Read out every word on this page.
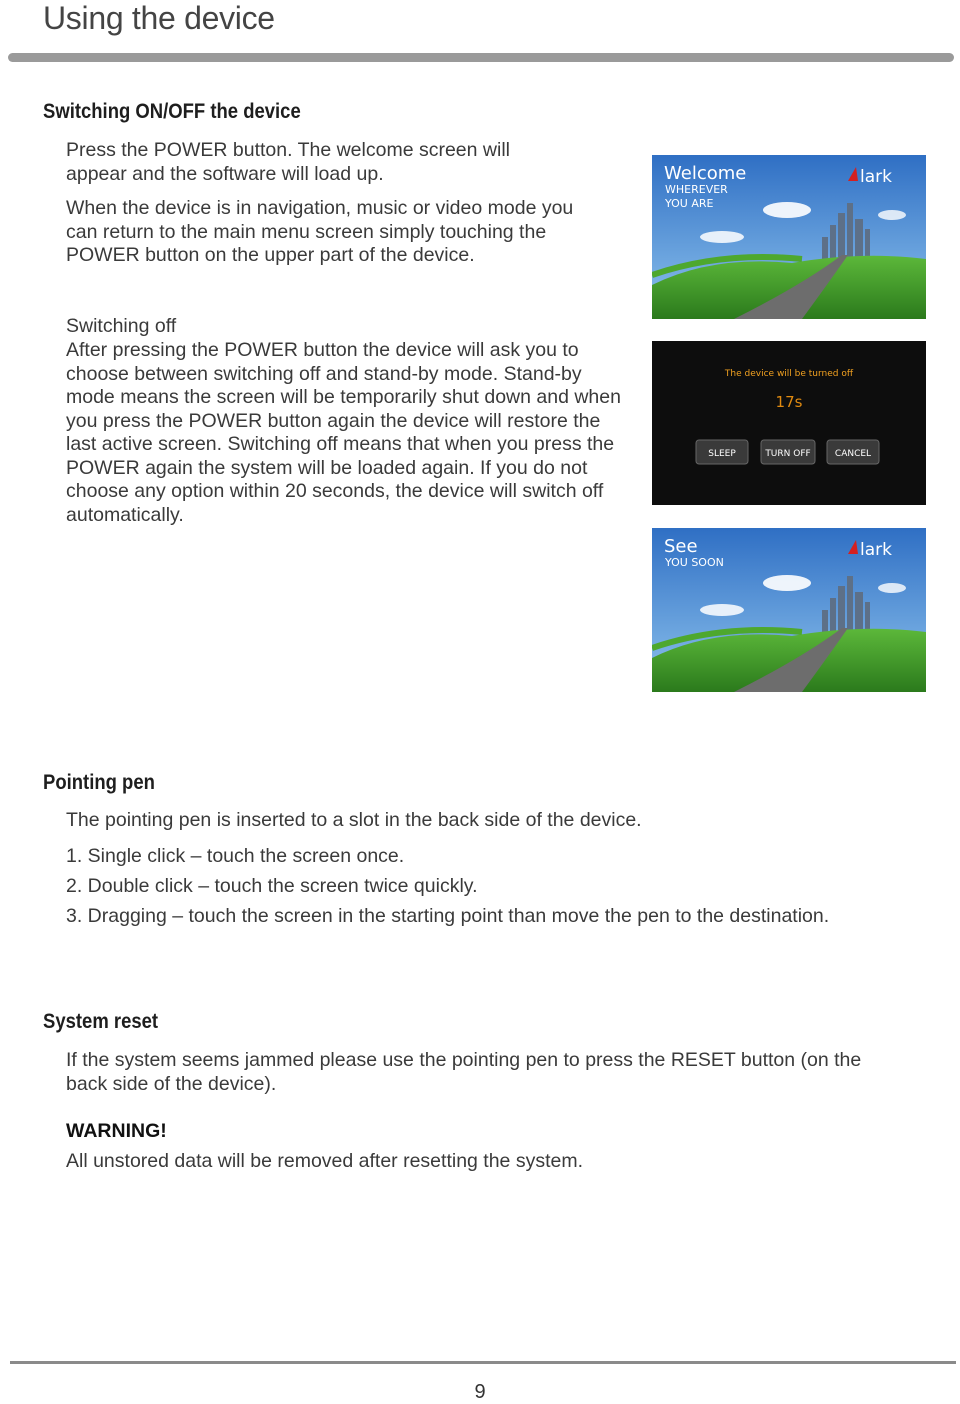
Using the device
Switching ON/OFF the device
Press the POWER button. The welcome screen will appear and the software will load up.
When the device is in navigation, music or video mode you can return to the main menu screen simply touching the POWER button on the upper part of the device.
Switching off
After pressing the POWER button the device will ask you to choose between switching off and stand-by mode. Stand-by mode means the screen will be temporarily shut down and when you press the POWER button again the device will restore the last active screen. Switching off means that when you press the POWER again the system will be loaded again. If you do not choose any option within 20 seconds, the device will switch off automatically.
Welcome
WHEREVER
YOU ARE
lark
The device will be turned off
17s
SLEEP	TURN OFF	CANCEL
See
YOU SOON
lark
Pointing pen
The pointing pen is inserted to a slot in the back side of the device.
1. Single click – touch the screen once.
2. Double click – touch the screen twice quickly.
3. Dragging – touch the screen in the starting point than move the pen to the destination.
System reset
If the system seems jammed please use the pointing pen to press the RESET button (on the back side of the device).
WARNING!
All unstored data will be removed after resetting the system.
9
